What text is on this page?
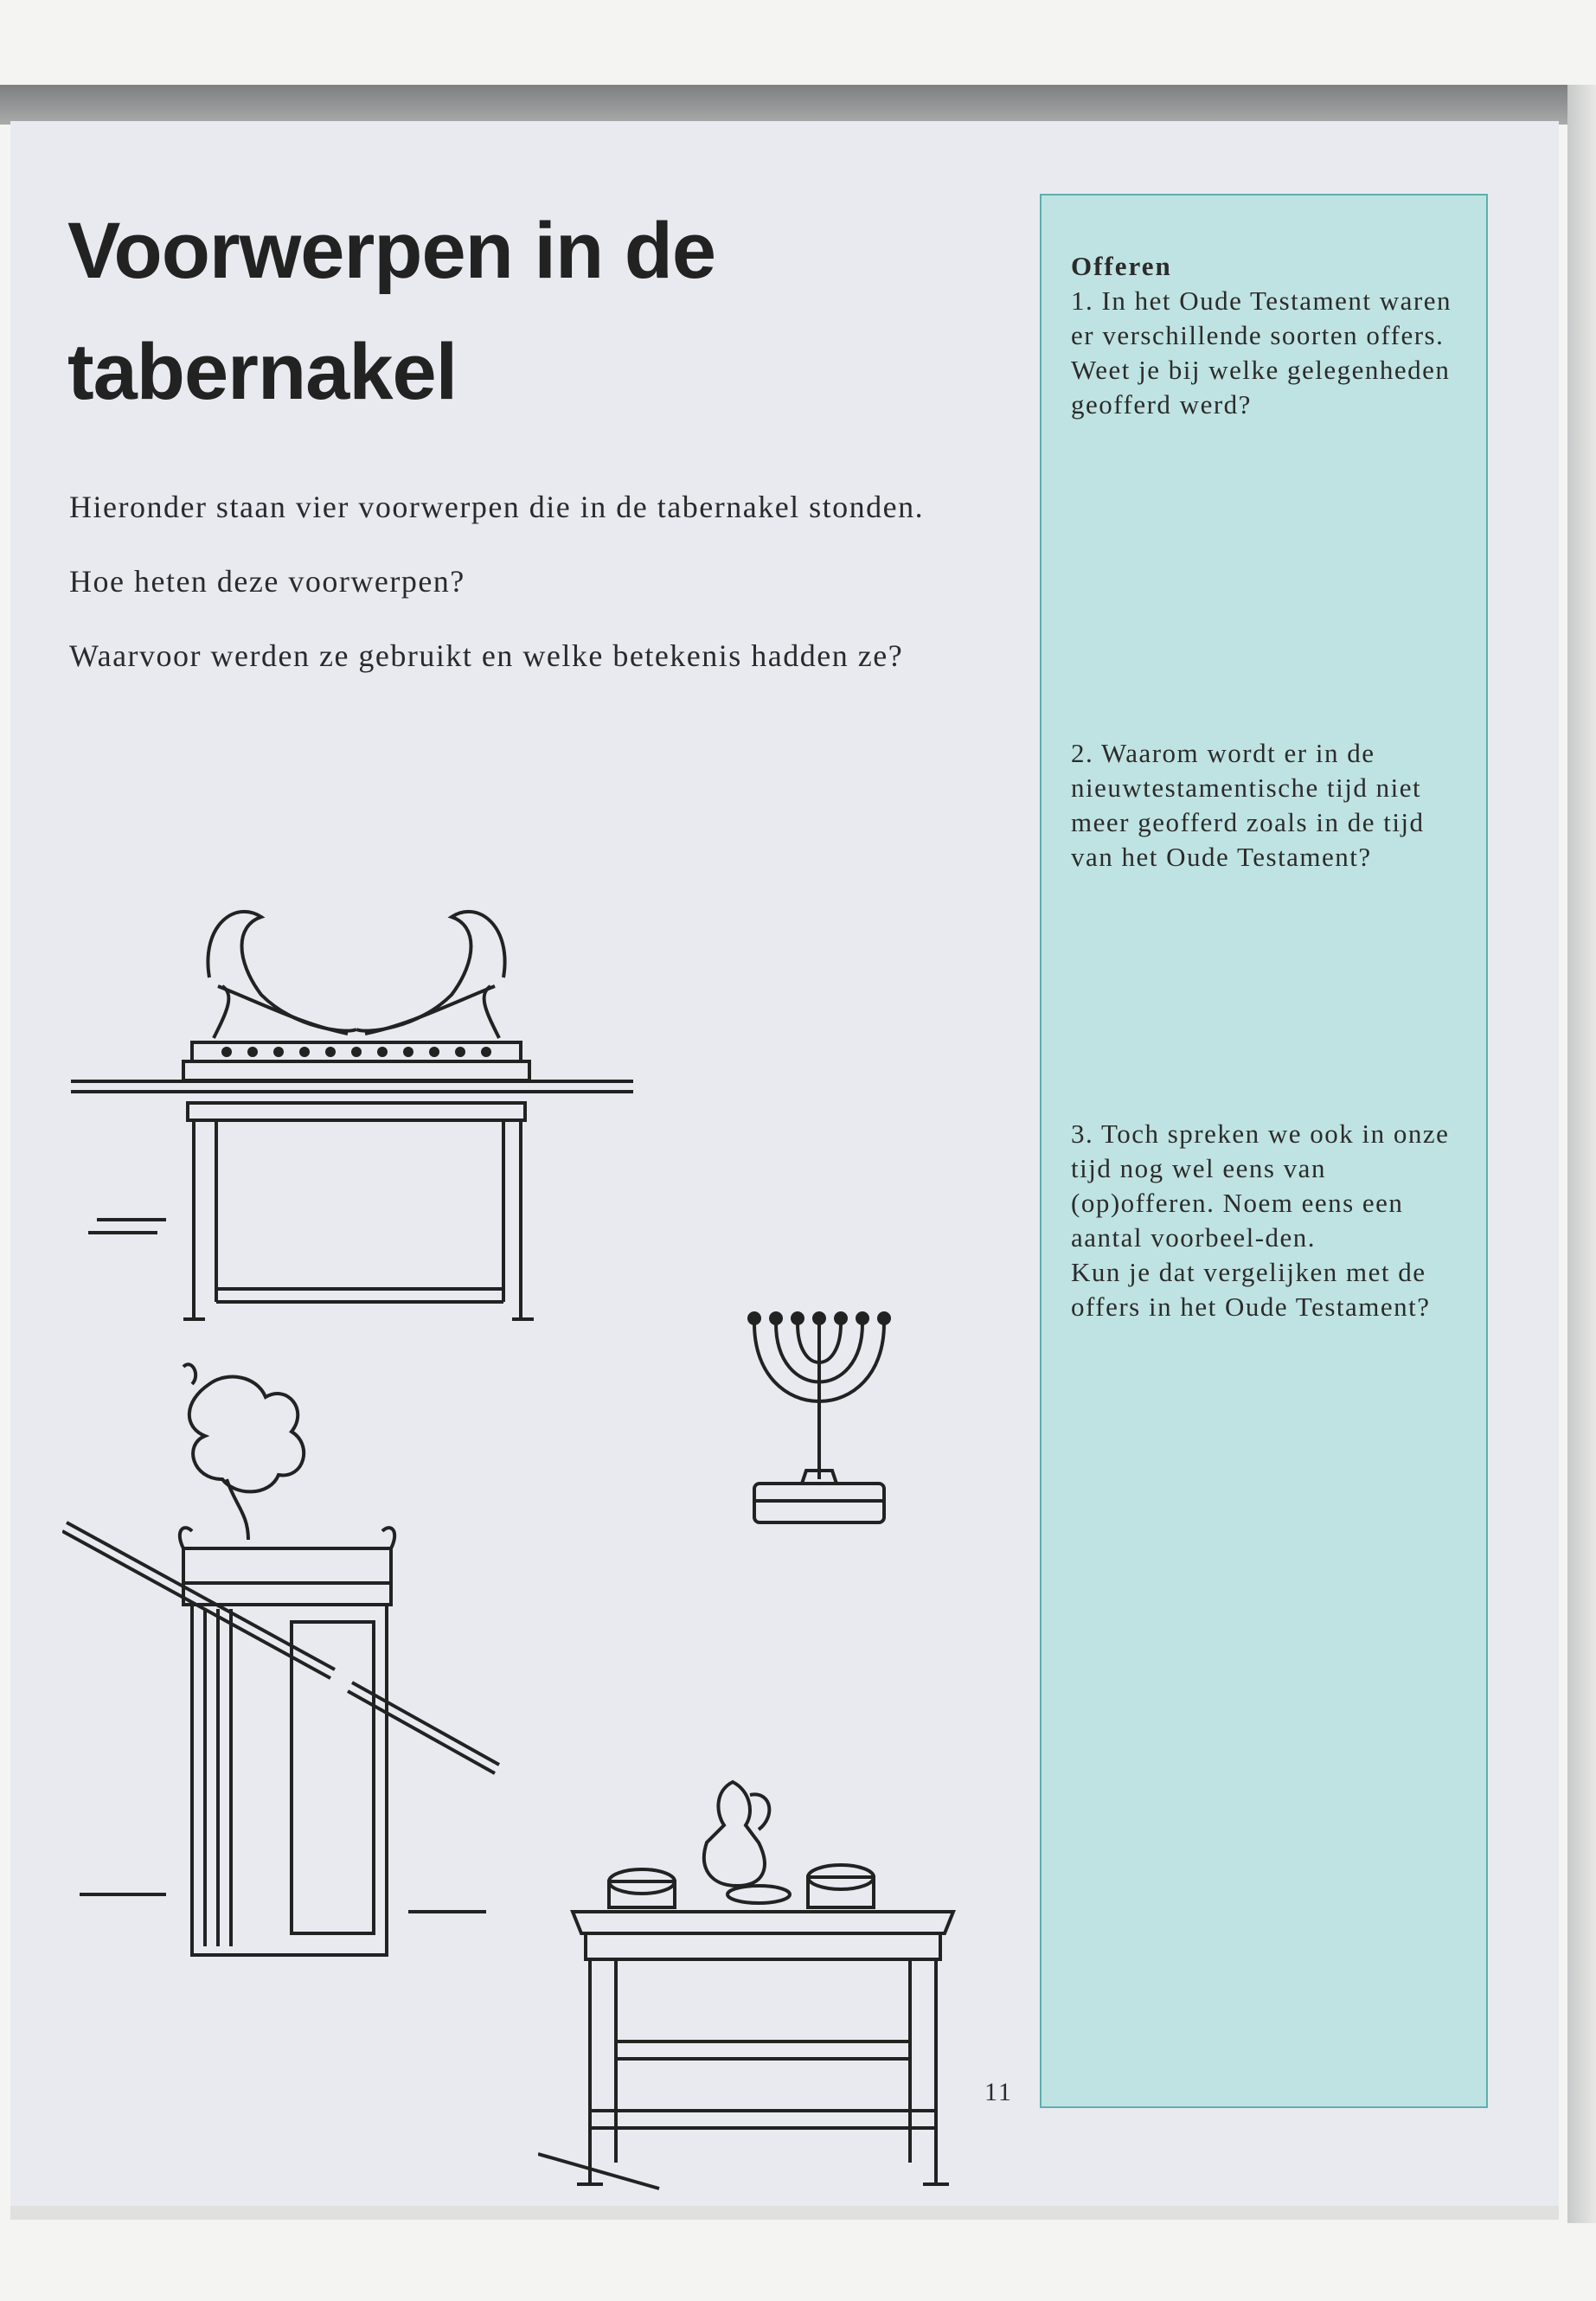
Voorwerpen in de tabernakel

Hieronder staan vier voorwerpen die in de tabernakel stonden.

Hoe heten deze voorwerpen?

Waarvoor werden ze gebruikt en welke betekenis hadden ze?

Offeren

1. In het Oude Testament waren er verschillende soorten offers. Weet je bij welke gelegenheden geofferd werd?

2. Waarom wordt er in de nieuwtestamentische tijd niet meer geofferd zoals in de tijd van het Oude Testament?

3. Toch spreken we ook in onze tijd nog wel eens van (op)offeren. Noem eens een aantal voorbeel-den.
Kun je dat vergelijken met de offers in het Oude Testament?
11
